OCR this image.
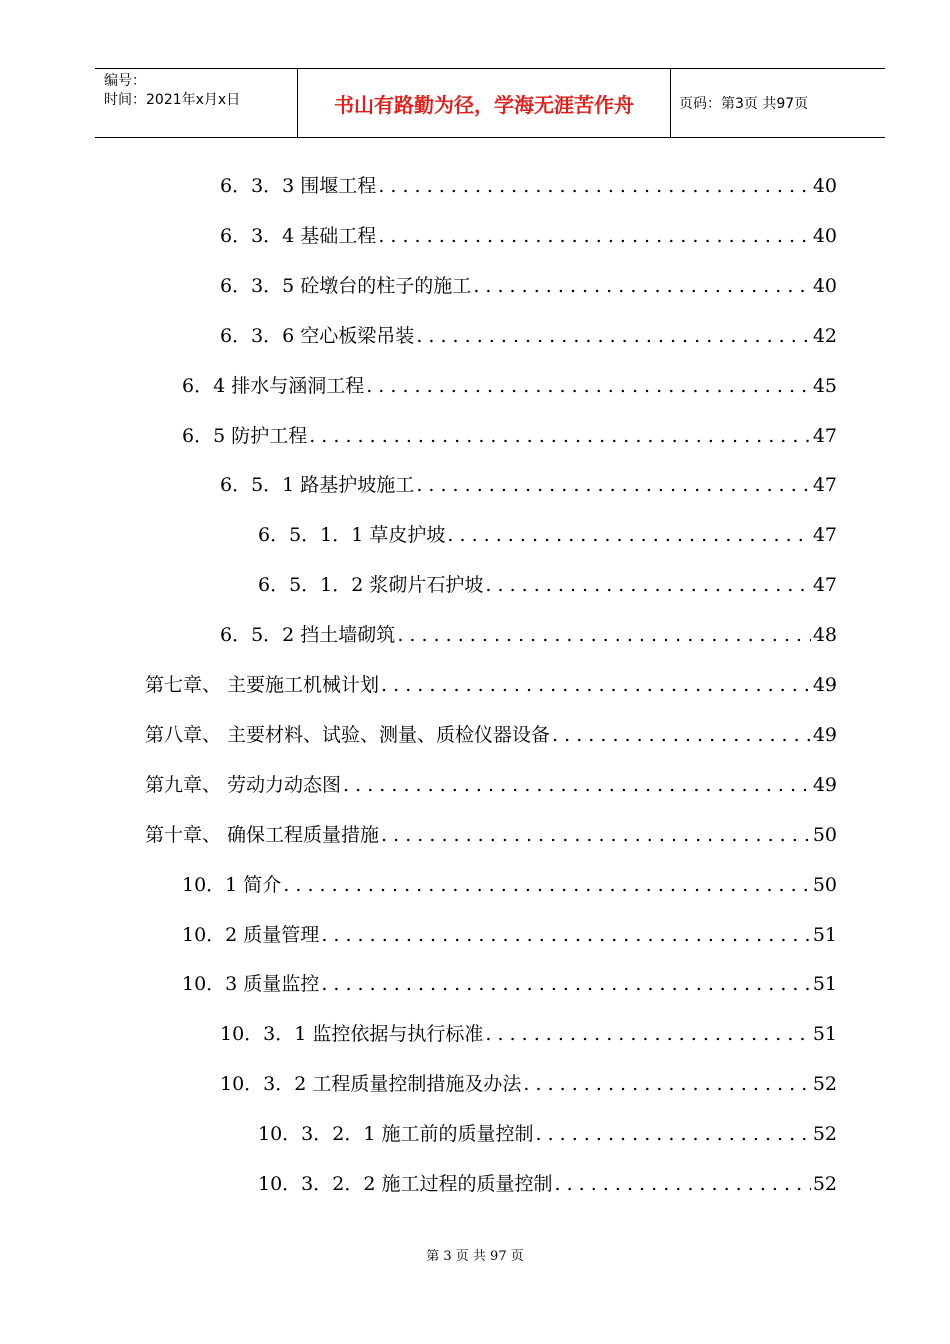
编号：
时间：2021年x月x日	书山有路勤为径，学海无涯苦作舟	页码：第3页 共97页
6．3．3 围堰工程 . . .	40
6．3．4 基础工程 . . .	40
6．3．5 砼墩台的柱子的施工 . . .	40
6．3．6 空心板梁吊装 . . .	42
6．4 排水与涵洞工程 . . .	45
6．5 防护工程 . . .	47
6．5．1 路基护坡施工 . . .	47
6．5．1．1 草皮护坡 . . .	47
6．5．1．2 浆砌片石护坡 . . .	47
6．5．2 挡土墙砌筑 . . .	48
第七章、 主要施工机械计划 . . .	49
第八章、 主要材料、试验、测量、质检仪器设备 . . .	49
第九章、 劳动力动态图 . . .	49
第十章、 确保工程质量措施 . . .	50
10．1 简介 . . .	50
10．2 质量管理 . . .	51
10．3 质量监控 . . .	51
10．3．1 监控依据与执行标准 . . .	51
10．3．2 工程质量控制措施及办法 . . .	52
10．3．2．1 施工前的质量控制 . . .	52
10．3．2．2 施工过程的质量控制 . . .	52
第 3 页 共 97 页
